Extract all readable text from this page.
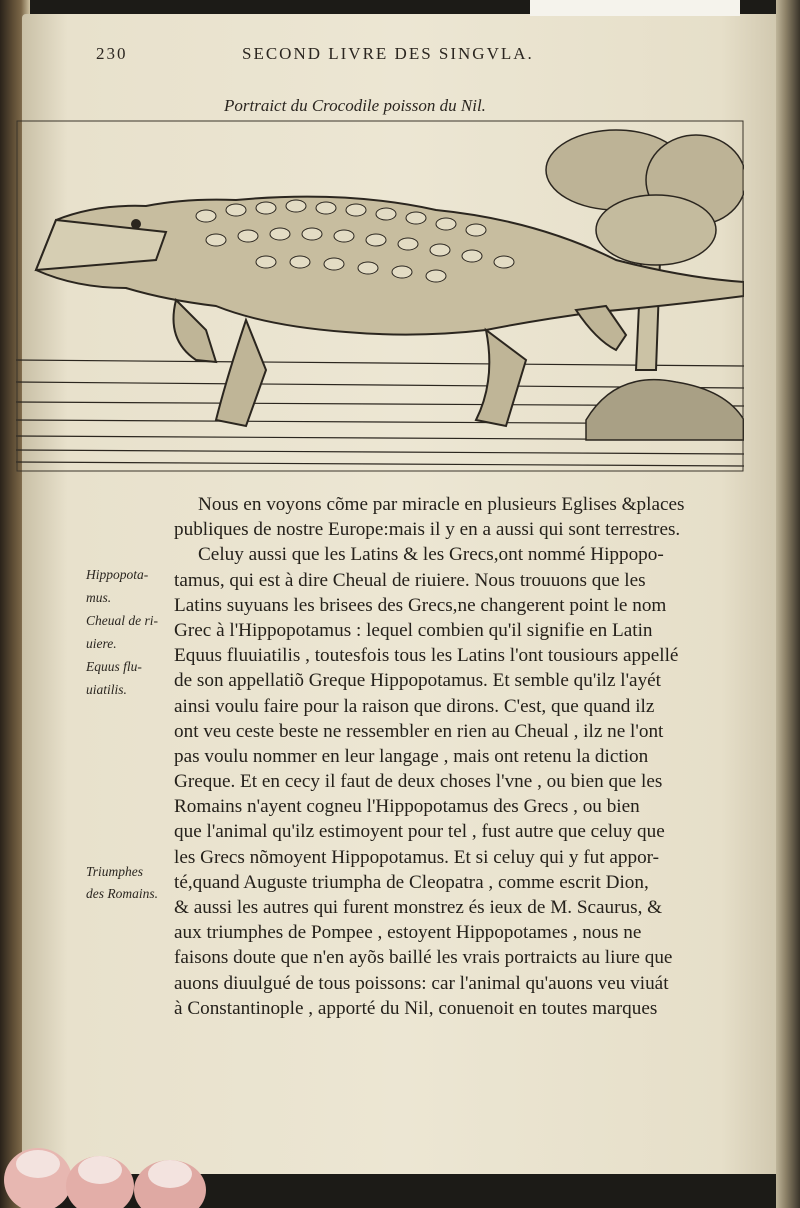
230	SECOND LIVRE DES SINGVLA.
Portraict du Crocodile poisson du Nil.
Nous en voyons cõme par miracle en plusieurs Eglises &places
publiques de nostre Europe:mais il y en a aussi qui sont terrestres.
Celuy aussi que les Latins & les Grecs,ont nommé Hippopo-
tamus, qui est à dire Cheual de riuiere. Nous trouuons que les
Latins suyuans les brisees des Grecs,ne changerent point le nom
Grec à l'Hippopotamus : lequel combien qu'il signifie en Latin
Equus fluuiatilis , toutesfois tous les Latins l'ont tousiours appellé
de son appellatiõ Greque Hippopotamus. Et semble qu'ilz l'ayét
ainsi voulu faire pour la raison que dirons. C'est, que quand ilz
ont veu ceste beste ne ressembler en rien au Cheual , ilz ne l'ont
pas voulu nommer en leur langage , mais ont retenu la diction
Greque. Et en cecy il faut de deux choses l'vne , ou bien que les
Romains n'ayent cogneu l'Hippopotamus des Grecs , ou bien
que l'animal qu'ilz estimoyent pour tel , fust autre que celuy que
les Grecs nõmoyent Hippopotamus. Et si celuy qui y fut appor-
té,quand Auguste triumpha de Cleopatra , comme escrit Dion,
& aussi les autres qui furent monstrez és ieux de M. Scaurus, &
aux triumphes de Pompee , estoyent Hippopotames , nous ne
faisons doute que n'en ayõs baillé les vrais portraicts au liure que
auons diuulgué de tous poissons: car l'animal qu'auons veu viuát
à Constantinople , apporté du Nil, conuenoit en toutes marques
Hippopota-
mus.
Cheual de ri-
uiere.
Equus flu-
uiatilis.
Triumphes
des Romains.
